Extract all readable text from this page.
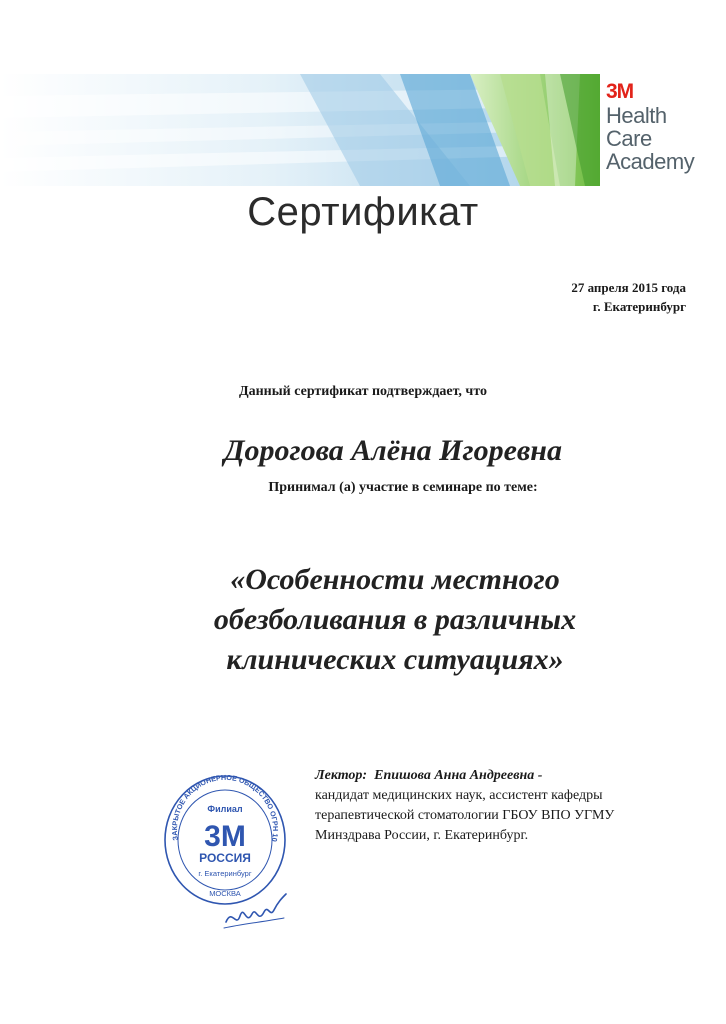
3M
Health
Care
Academy
Сертификат
27 апреля 2015 года
г. Екатеринбург
Данный сертификат подтверждает, что
Дорогова Алёна Игоревна
Принимал (а) участие в семинаре по теме:
«Особенности местного
обезболивания в различных
клинических ситуациях»
Лектор: Епишова Анна Андреевна -
кандидат медицинских наук, ассистент кафедры
терапевтической стоматологии ГБОУ ВПО УГМУ
Минздрава России, г. Екатеринбург.
ЗАКРЫТОЕ АКЦИОНЕРНОЕ ОБЩЕСТВО ОГРН 10
Филиал
3M
РОССИЯ
г. Екатеринбург
МОСКВА
